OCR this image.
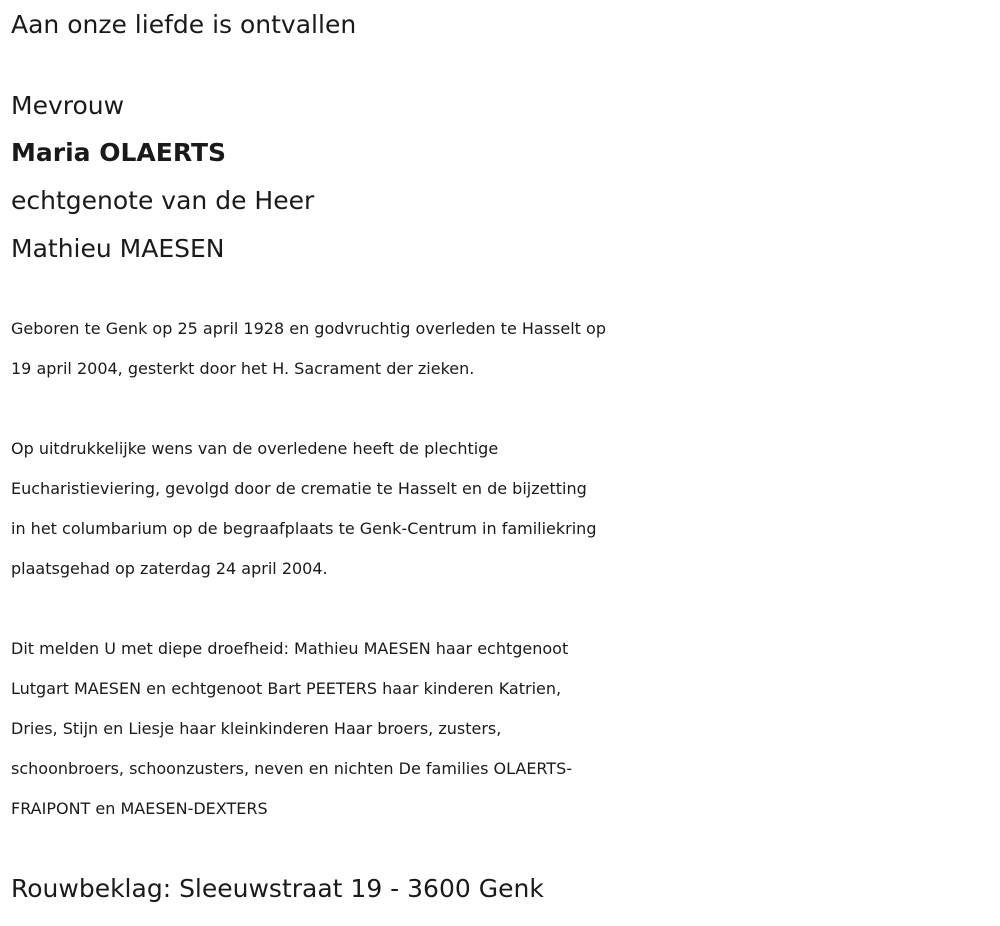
Aan onze liefde is ontvallen
Mevrouw
Maria OLAERTS
echtgenote van de Heer
Mathieu MAESEN
Geboren te Genk op 25 april 1928 en godvruchtig overleden te Hasselt op
19 april 2004, gesterkt door het H. Sacrament der zieken.
Op uitdrukkelijke wens van de overledene heeft de plechtige
Eucharistieviering, gevolgd door de crematie te Hasselt en de bijzetting
in het columbarium op de begraafplaats te Genk-Centrum in familiekring
plaatsgehad op zaterdag 24 april 2004.
Dit melden U met diepe droefheid: Mathieu MAESEN haar echtgenoot
Lutgart MAESEN en echtgenoot Bart PEETERS haar kinderen Katrien,
Dries, Stijn en Liesje haar kleinkinderen Haar broers, zusters,
schoonbroers, schoonzusters, neven en nichten De families OLAERTS-
FRAIPONT en MAESEN-DEXTERS
Rouwbeklag: Sleeuwstraat 19 - 3600 Genk
